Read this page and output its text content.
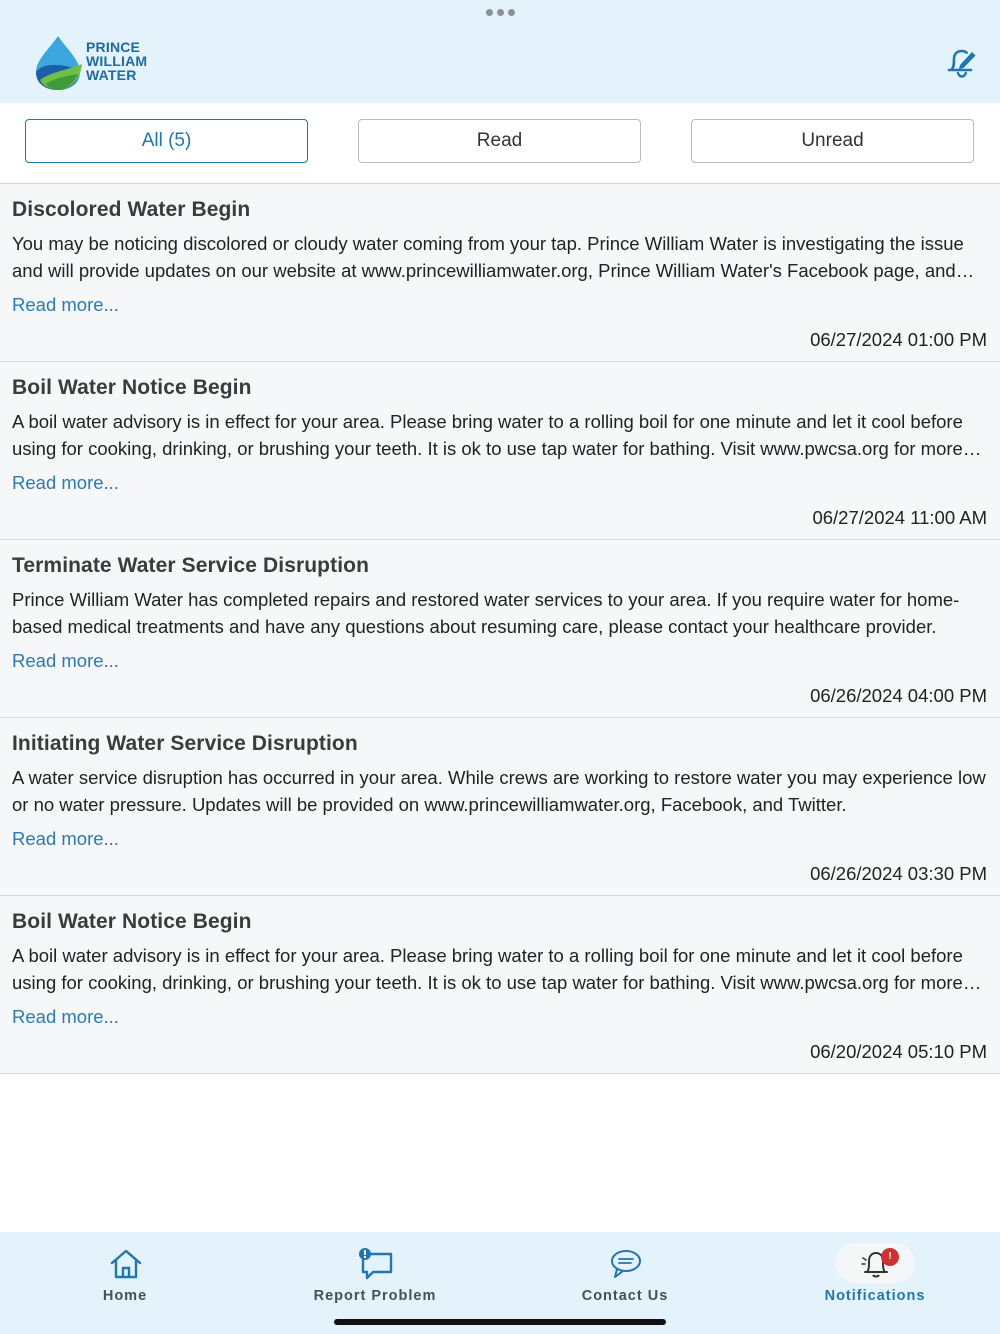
PRINCE
WILLIAM
WATER
All (5)	Read	Unread
Discolored Water Begin
You may be noticing discolored or cloudy water coming from your tap. Prince William Water is investigating the issue and will provide updates on our website at www.princewilliamwater.org, Prince William Water's Facebook page, and
Read more...
06/27/2024 01:00 PM
Boil Water Notice Begin
A boil water advisory is in effect for your area. Please bring water to a rolling boil for one minute and let it cool before using for cooking, drinking, or brushing your teeth. It is ok to use tap water for bathing. Visit www.pwcsa.org for more
Read more...
06/27/2024 11:00 AM
Terminate Water Service Disruption
Prince William Water has completed repairs and restored water services to your area. If you require water for home-based medical treatments and have any questions about resuming care, please contact your healthcare provider.
Read more...
06/26/2024 04:00 PM
Initiating Water Service Disruption
A water service disruption has occurred in your area. While crews are working to restore water you may experience low or no water pressure. Updates will be provided on www.princewilliamwater.org, Facebook, and Twitter.
Read more...
06/26/2024 03:30 PM
Boil Water Notice Begin
A boil water advisory is in effect for your area. Please bring water to a rolling boil for one minute and let it cool before using for cooking, drinking, or brushing your teeth. It is ok to use tap water for bathing. Visit www.pwcsa.org for more
Read more...
06/20/2024 05:10 PM
Home	Report Problem	Contact Us
!
Notifications
